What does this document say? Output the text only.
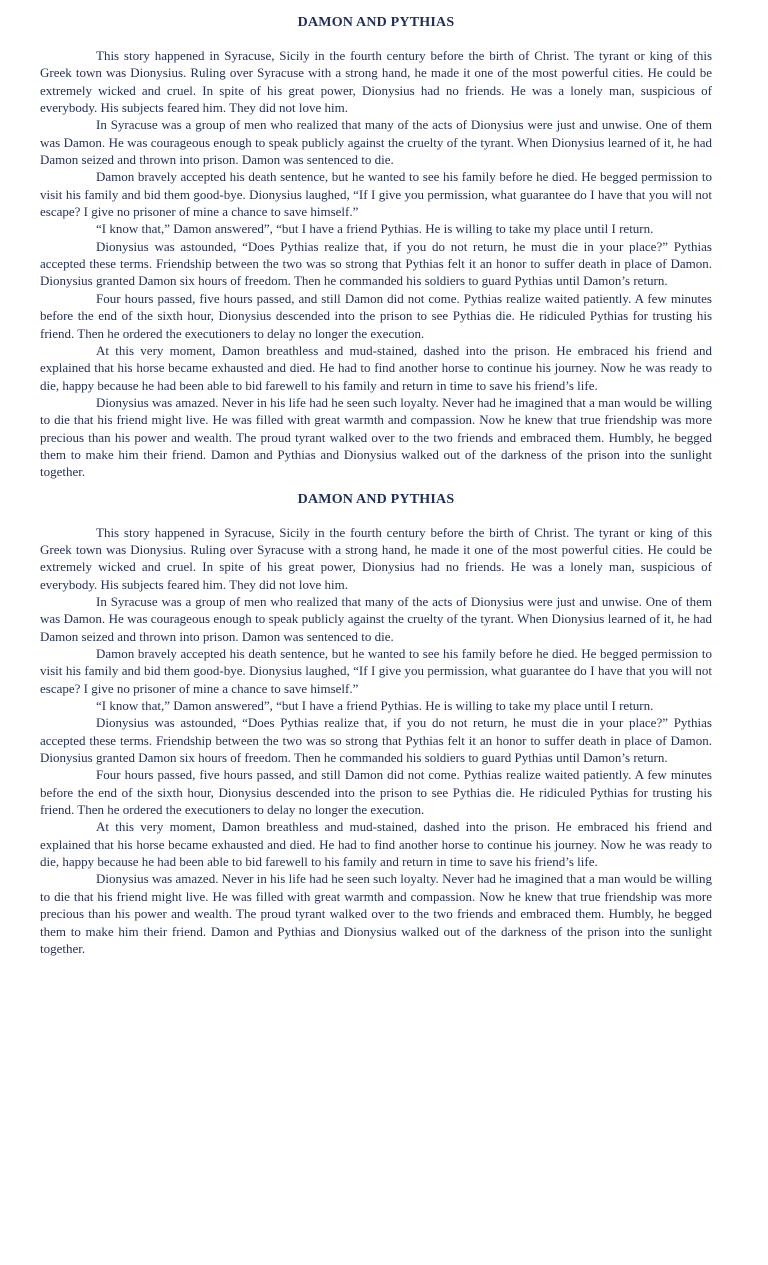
DAMON AND PYTHIAS

This story happened in Syracuse, Sicily in the fourth century before the birth of Christ. The tyrant or king of this Greek town was Dionysius. Ruling over Syracuse with a strong hand, he made it one of the most powerful cities. He could be extremely wicked and cruel. In spite of his great power, Dionysius had no friends. He was a lonely man, suspicious of everybody. His subjects feared him. They did not love him.

In Syracuse was a group of men who realized that many of the acts of Dionysius were just and unwise. One of them was Damon. He was courageous enough to speak publicly against the cruelty of the tyrant. When Dionysius learned of it, he had Damon seized and thrown into prison. Damon was sentenced to die.

Damon bravely accepted his death sentence, but he wanted to see his family before he died. He begged permission to visit his family and bid them good-bye. Dionysius laughed, “If I give you permission, what guarantee do I have that you will not escape? I give no prisoner of mine a chance to save himself.”

“I know that,” Damon answered”, “but I have a friend Pythias. He is willing to take my place until I return.

Dionysius was astounded, “Does Pythias realize that, if you do not return, he must die in your place?” Pythias accepted these terms. Friendship between the two was so strong that Pythias felt it an honor to suffer death in place of Damon. Dionysius granted Damon six hours of freedom. Then he commanded his soldiers to guard Pythias until Damon’s return.

Four hours passed, five hours passed, and still Damon did not come. Pythias realize waited patiently. A few minutes before the end of the sixth hour, Dionysius descended into the prison to see Pythias die. He ridiculed Pythias for trusting his friend. Then he ordered the executioners to delay no longer the execution.

At this very moment, Damon breathless and mud-stained, dashed into the prison. He embraced his friend and explained that his horse became exhausted and died. He had to find another horse to continue his journey. Now he was ready to die, happy because he had been able to bid farewell to his family and return in time to save his friend’s life.

Dionysius was amazed. Never in his life had he seen such loyalty. Never had he imagined that a man would be willing to die that his friend might live. He was filled with great warmth and compassion. Now he knew that true friendship was more precious than his power and wealth. The proud tyrant walked over to the two friends and embraced them. Humbly, he begged them to make him their friend. Damon and Pythias and Dionysius walked out of the darkness of the prison into the sunlight together.

DAMON AND PYTHIAS

This story happened in Syracuse, Sicily in the fourth century before the birth of Christ. The tyrant or king of this Greek town was Dionysius. Ruling over Syracuse with a strong hand, he made it one of the most powerful cities. He could be extremely wicked and cruel. In spite of his great power, Dionysius had no friends. He was a lonely man, suspicious of everybody. His subjects feared him. They did not love him.

In Syracuse was a group of men who realized that many of the acts of Dionysius were just and unwise. One of them was Damon. He was courageous enough to speak publicly against the cruelty of the tyrant. When Dionysius learned of it, he had Damon seized and thrown into prison. Damon was sentenced to die.

Damon bravely accepted his death sentence, but he wanted to see his family before he died. He begged permission to visit his family and bid them good-bye. Dionysius laughed, “If I give you permission, what guarantee do I have that you will not escape? I give no prisoner of mine a chance to save himself.”

“I know that,” Damon answered”, “but I have a friend Pythias. He is willing to take my place until I return.

Dionysius was astounded, “Does Pythias realize that, if you do not return, he must die in your place?” Pythias accepted these terms. Friendship between the two was so strong that Pythias felt it an honor to suffer death in place of Damon. Dionysius granted Damon six hours of freedom. Then he commanded his soldiers to guard Pythias until Damon’s return.

Four hours passed, five hours passed, and still Damon did not come. Pythias realize waited patiently. A few minutes before the end of the sixth hour, Dionysius descended into the prison to see Pythias die. He ridiculed Pythias for trusting his friend. Then he ordered the executioners to delay no longer the execution.

At this very moment, Damon breathless and mud-stained, dashed into the prison. He embraced his friend and explained that his horse became exhausted and died. He had to find another horse to continue his journey. Now he was ready to die, happy because he had been able to bid farewell to his family and return in time to save his friend’s life.

Dionysius was amazed. Never in his life had he seen such loyalty. Never had he imagined that a man would be willing to die that his friend might live. He was filled with great warmth and compassion. Now he knew that true friendship was more precious than his power and wealth. The proud tyrant walked over to the two friends and embraced them. Humbly, he begged them to make him their friend. Damon and Pythias and Dionysius walked out of the darkness of the prison into the sunlight together.
